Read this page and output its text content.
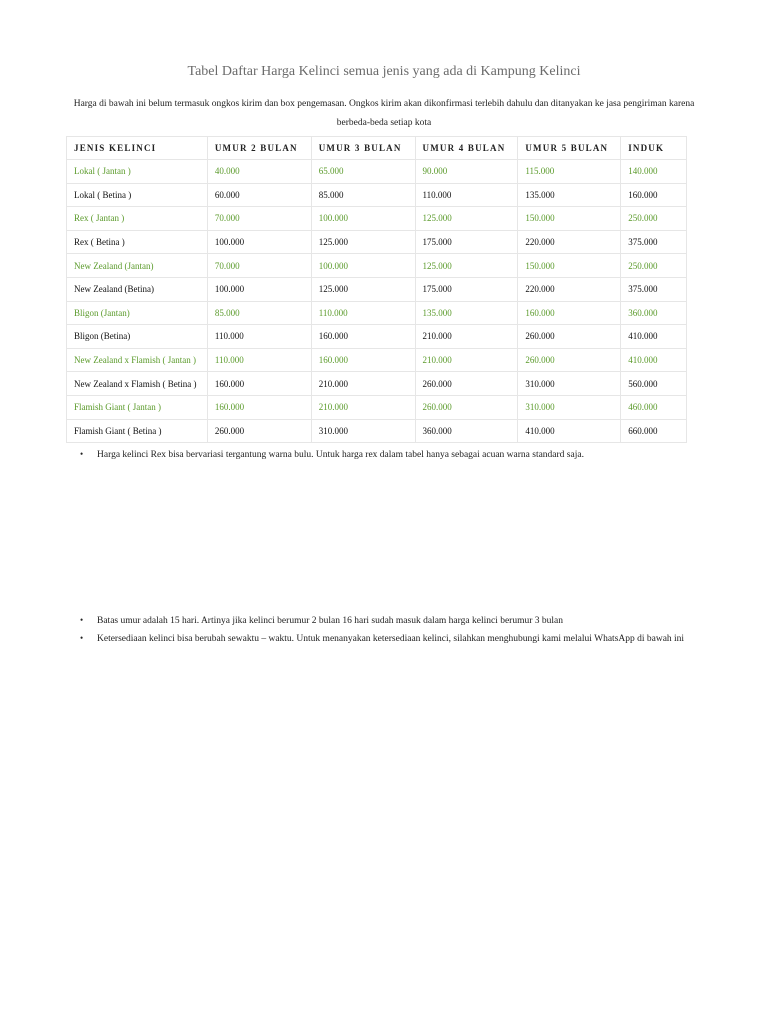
Tabel Daftar Harga Kelinci semua jenis yang ada di Kampung Kelinci

Harga di bawah ini belum termasuk ongkos kirim dan box pengemasan. Ongkos kirim akan dikonfirmasi terlebih dahulu dan ditanyakan ke jasa pengiriman karena berbeda-beda setiap kota

JENIS KELINCI	UMUR 2 BULAN	UMUR 3 BULAN	UMUR 4 BULAN	UMUR 5 BULAN	INDUK
Lokal ( Jantan )	40.000	65.000	90.000	115.000	140.000
Lokal ( Betina )	60.000	85.000	110.000	135.000	160.000
Rex ( Jantan )	70.000	100.000	125.000	150.000	250.000
Rex ( Betina )	100.000	125.000	175.000	220.000	375.000
New Zealand (Jantan)	70.000	100.000	125.000	150.000	250.000
New Zealand (Betina)	100.000	125.000	175.000	220.000	375.000
Bligon (Jantan)	85.000	110.000	135.000	160.000	360.000
Bligon (Betina)	110.000	160.000	210.000	260.000	410.000
New Zealand x Flamish ( Jantan )	110.000	160.000	210.000	260.000	410.000
New Zealand x Flamish ( Betina )	160.000	210.000	260.000	310.000	560.000
Flamish Giant ( Jantan )	160.000	210.000	260.000	310.000	460.000
Flamish Giant ( Betina )	260.000	310.000	360.000	410.000	660.000
• Harga kelinci Rex bisa bervariasi tergantung warna bulu. Untuk harga rex dalam tabel hanya sebagai acuan warna standard saja.
• Batas umur adalah 15 hari. Artinya jika kelinci berumur 2 bulan 16 hari sudah masuk dalam harga kelinci berumur 3 bulan
• Ketersediaan kelinci bisa berubah sewaktu – waktu. Untuk menanyakan ketersediaan kelinci, silahkan menghubungi kami melalui WhatsApp di bawah ini
